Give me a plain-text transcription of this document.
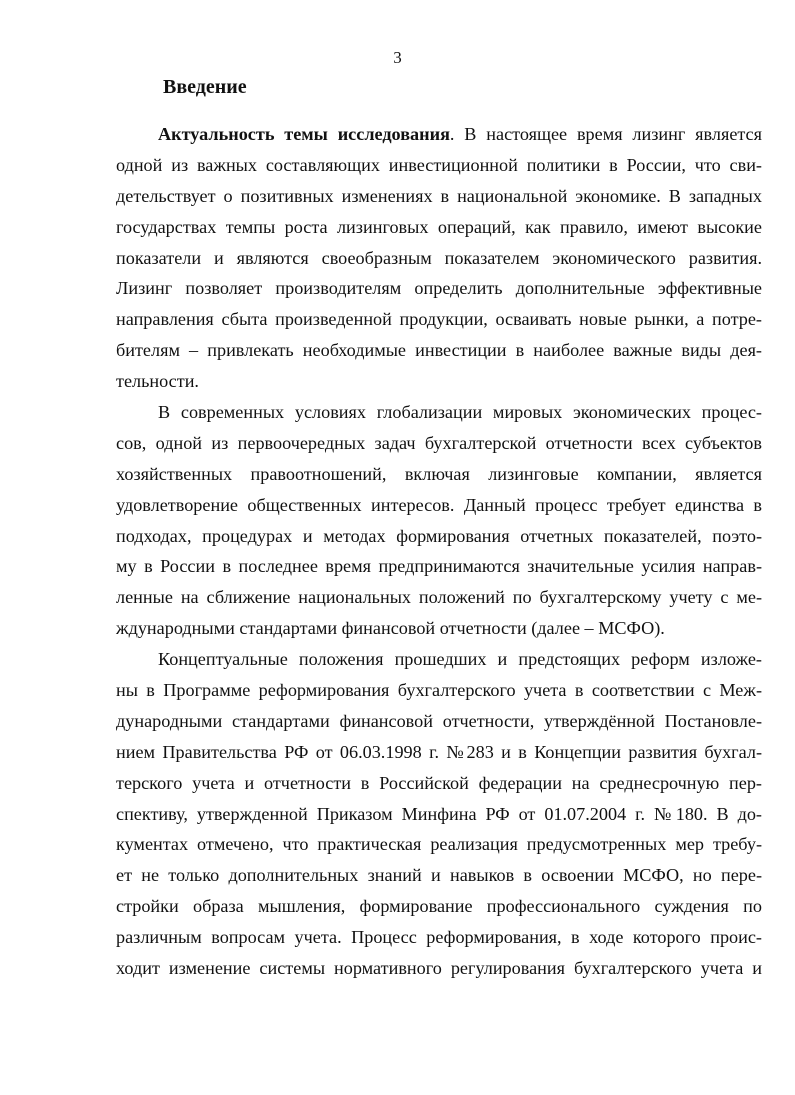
3
Введение
Актуальность темы исследования. В настоящее время лизинг является
одной из важных составляющих инвестиционной политики в России, что сви-
детельствует о позитивных изменениях в национальной экономике. В западных
государствах темпы роста лизинговых операций, как правило, имеют высокие
показатели и являются своеобразным показателем экономического развития.
Лизинг позволяет производителям определить дополнительные эффективные
направления сбыта произведенной продукции, осваивать новые рынки, а потре-
бителям – привлекать необходимые инвестиции в наиболее важные виды дея-
тельности.
В современных условиях глобализации мировых экономических процес-
сов, одной из первоочередных задач бухгалтерской отчетности всех субъектов
хозяйственных правоотношений, включая лизинговые компании, является
удовлетворение общественных интересов. Данный процесс требует единства в
подходах, процедурах и методах формирования отчетных показателей, поэто-
му в России в последнее время предпринимаются значительные усилия направ-
ленные на сближение национальных положений по бухгалтерскому учету с ме-
ждународными стандартами финансовой отчетности (далее – МСФО).
Концептуальные положения прошедших и предстоящих реформ изложе-
ны в Программе реформирования бухгалтерского учета в соответствии с Меж-
дународными стандартами финансовой отчетности, утверждённой Постановле-
нием Правительства РФ от 06.03.1998 г. №283 и в Концепции развития бухгал-
терского учета и отчетности в Российской федерации на среднесрочную пер-
спективу, утвержденной Приказом Минфина РФ от 01.07.2004 г. №180. В до-
кументах отмечено, что практическая реализация предусмотренных мер требу-
ет не только дополнительных знаний и навыков в освоении МСФО, но пере-
стройки образа мышления, формирование профессионального суждения по
различным вопросам учета. Процесс реформирования, в ходе которого проис-
ходит изменение системы нормативного регулирования бухгалтерского учета и
